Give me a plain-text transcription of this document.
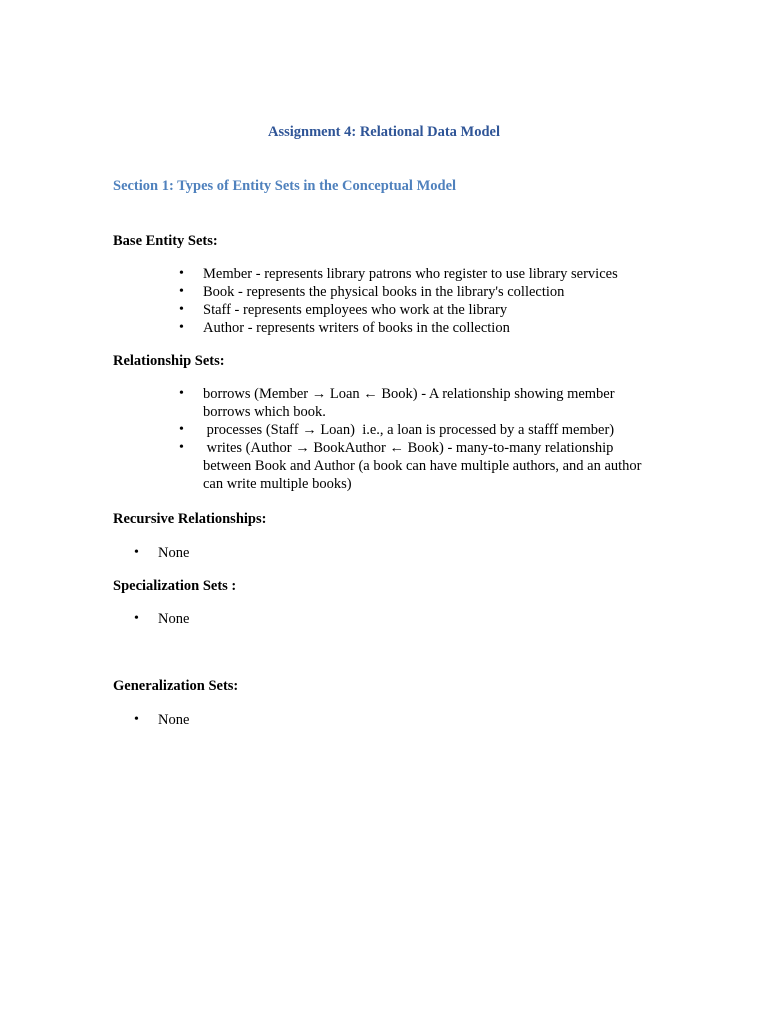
Assignment 4: Relational Data Model
Section 1: Types of Entity Sets in the Conceptual Model
Base Entity Sets:
• Member - represents library patrons who register to use library services
• Book - represents the physical books in the library's collection
• Staff - represents employees who work at the library
• Author - represents writers of books in the collection
Relationship Sets:
• borrows (Member → Loan ← Book) - A relationship showing member borrows which book.
• processes (Staff → Loan)  i.e., a loan is processed by a stafff member)
• writes (Author → BookAuthor ← Book) - many-to-many relationship between Book and Author (a book can have multiple authors, and an author can write multiple books)
Recursive Relationships:
• None
Specialization Sets :
• None
Generalization Sets:
• None
